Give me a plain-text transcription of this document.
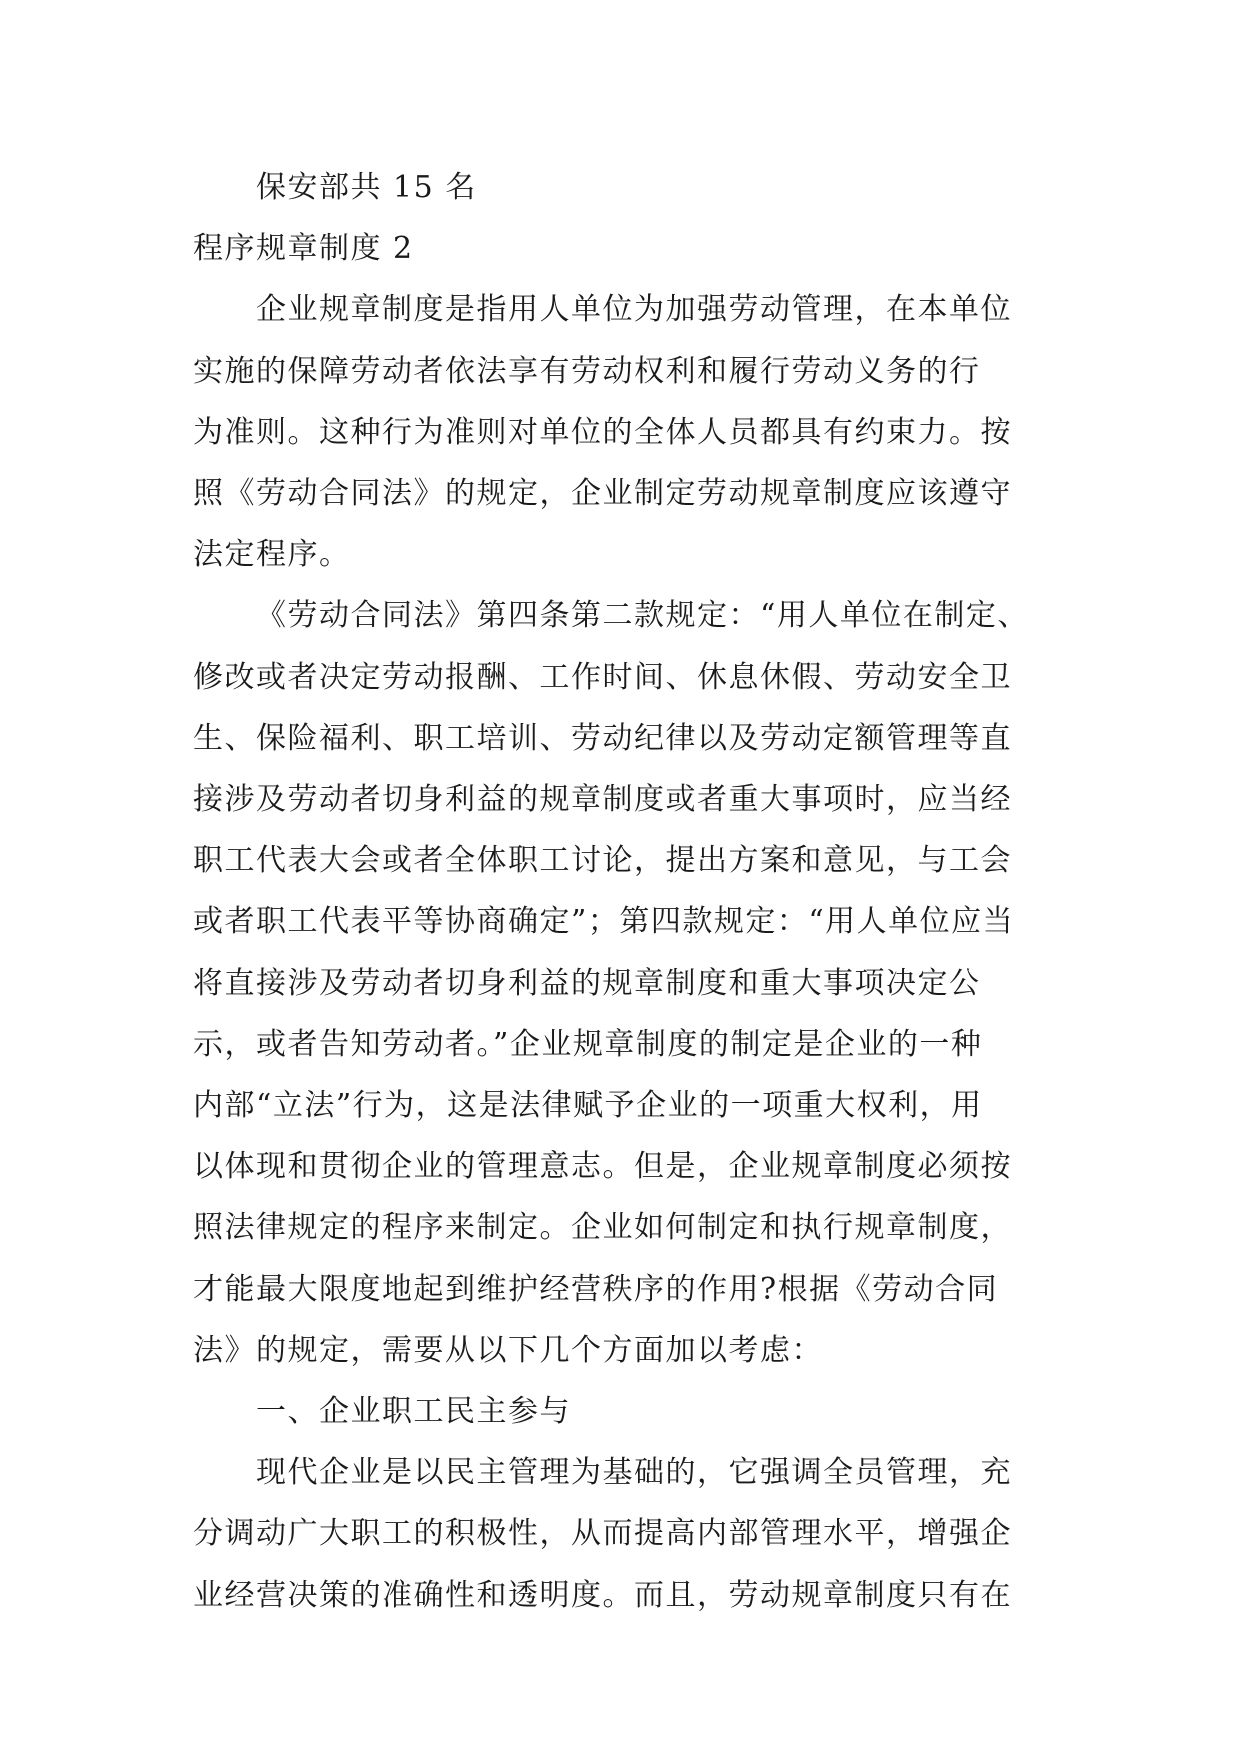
保安部共 15 名
程序规章制度 2
企业规章制度是指用人单位为加强劳动管理，在本单位
实施的保障劳动者依法享有劳动权利和履行劳动义务的行
为准则。这种行为准则对单位的全体人员都具有约束力。按
照《劳动合同法》的规定，企业制定劳动规章制度应该遵守
法定程序。
《劳动合同法》第四条第二款规定：“用人单位在制定、
修改或者决定劳动报酬、工作时间、休息休假、劳动安全卫
生、保险福利、职工培训、劳动纪律以及劳动定额管理等直
接涉及劳动者切身利益的规章制度或者重大事项时，应当经
职工代表大会或者全体职工讨论，提出方案和意见，与工会
或者职工代表平等协商确定”；第四款规定：“用人单位应当
将直接涉及劳动者切身利益的规章制度和重大事项决定公
示，或者告知劳动者。”企业规章制度的制定是企业的一种
内部“立法”行为，这是法律赋予企业的一项重大权利，用
以体现和贯彻企业的管理意志。但是，企业规章制度必须按
照法律规定的程序来制定。企业如何制定和执行规章制度，
才能最大限度地起到维护经营秩序的作用?根据《劳动合同
法》的规定，需要从以下几个方面加以考虑：
一、企业职工民主参与
现代企业是以民主管理为基础的，它强调全员管理，充
分调动广大职工的积极性，从而提高内部管理水平，增强企
业经营决策的准确性和透明度。而且，劳动规章制度只有在
